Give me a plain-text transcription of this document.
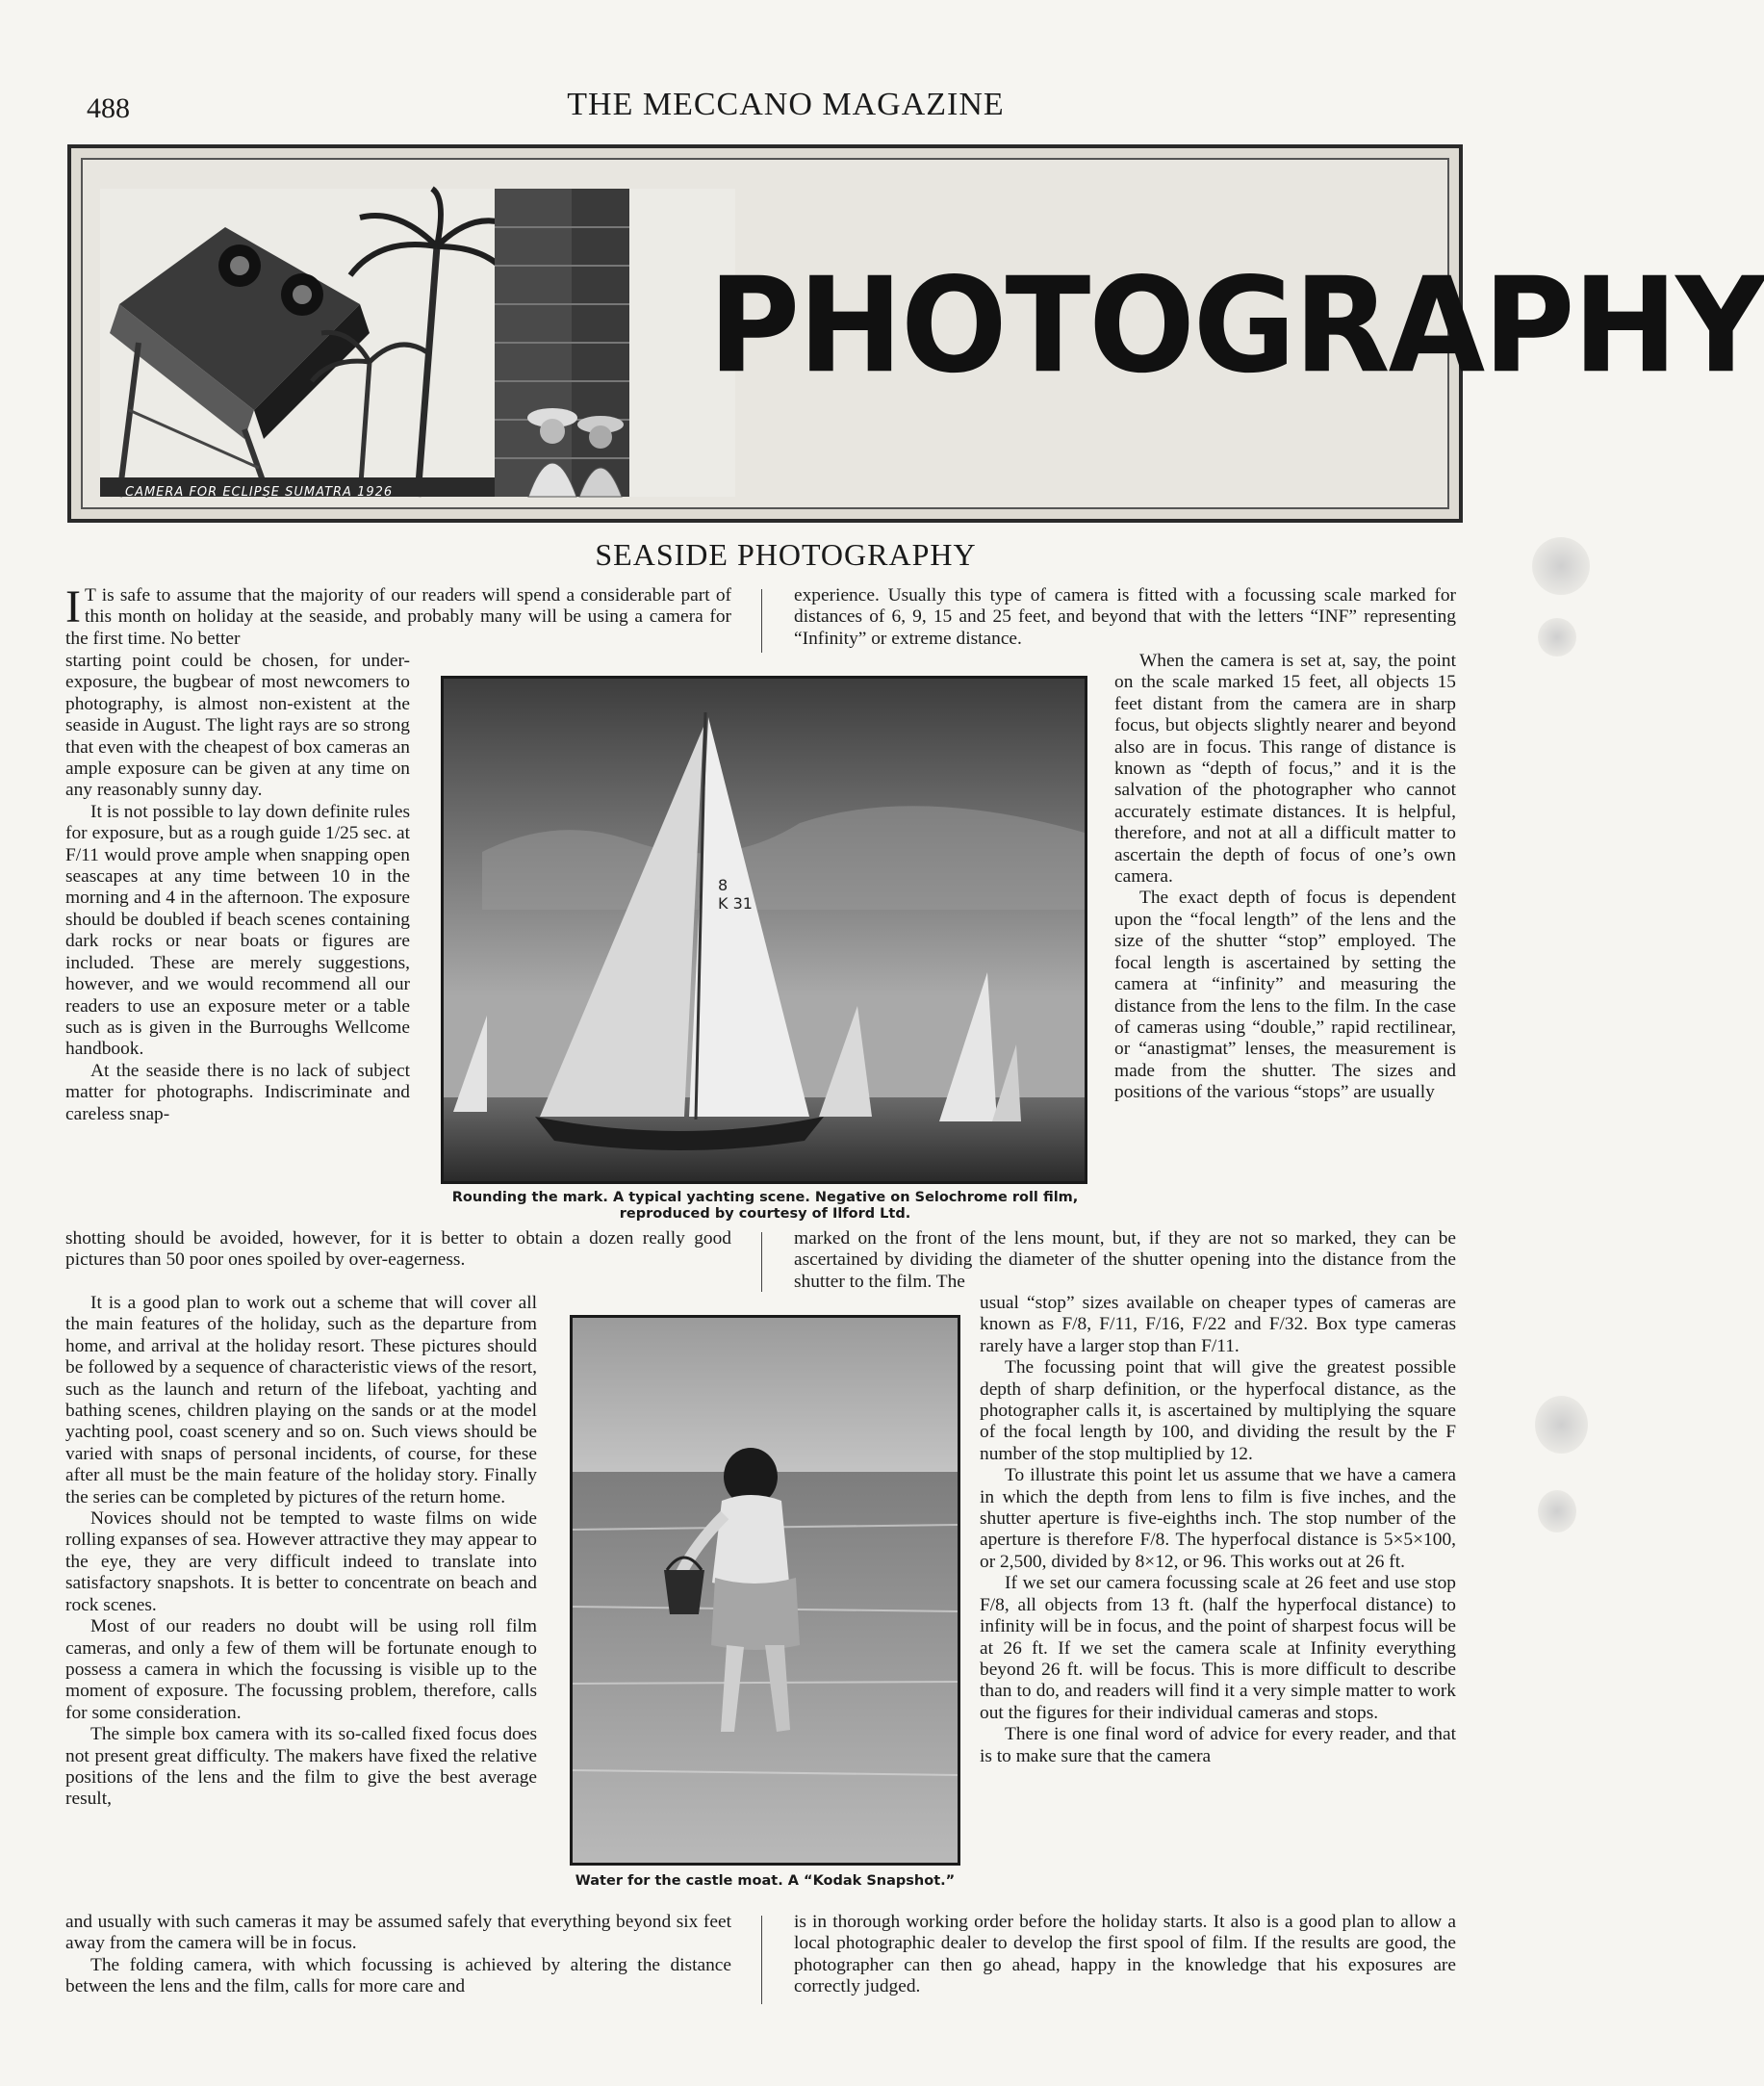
488	THE MECCANO MAGAZINE
CAMERA FOR ECLIPSE SUMATRA 1926
PHOTOGRAPHY
SEASIDE PHOTOGRAPHY

I T is safe to assume that the majority of our readers will spend a considerable part of this month on holiday at the seaside, and probably many will be using a camera for the first time. No better

starting point could be chosen, for under-exposure, the bugbear of most newcomers to photography, is almost non-existent at the seaside in August. The light rays are so strong that even with the cheapest of box cameras an ample exposure can be given at any time on any reasonably sunny day.

It is not possible to lay down definite rules for exposure, but as a rough guide 1/25 sec. at F/11 would prove ample when snapping open seascapes at any time between 10 in the morning and 4 in the afternoon. The exposure should be doubled if beach scenes containing dark rocks or near boats or figures are included. These are merely suggestions, however, and we would recommend all our readers to use an exposure meter or a table such as is given in the Burroughs Wellcome handbook.

At the seaside there is no lack of subject matter for photographs. Indiscriminate and careless snap-

shotting should be avoided, however, for it is better to obtain a dozen really good pictures than 50 poor ones spoiled by over-eagerness.

It is a good plan to work out a scheme that will cover all the main features of the holiday, such as the departure from home, and arrival at the holiday resort. These pictures should be followed by a sequence of characteristic views of the resort, such as the launch and return of the lifeboat, yachting and bathing scenes, children playing on the sands or at the model yachting pool, coast scenery and so on. Such views should be varied with snaps of personal incidents, of course, for these after all must be the main feature of the holiday story. Finally the series can be completed by pictures of the return home.

Novices should not be tempted to waste films on wide rolling expanses of sea. However attractive they may appear to the eye, they are very difficult indeed to translate into satisfactory snapshots. It is better to concentrate on beach and rock scenes.

Most of our readers no doubt will be using roll film cameras, and only a few of them will be fortunate enough to possess a camera in which the focussing is visible up to the moment of exposure. The focussing problem, therefore, calls for some consideration.

The simple box camera with its so-called fixed focus does not present great difficulty. The makers have fixed the relative positions of the lens and the film to give the best average result,

and usually with such cameras it may be assumed safely that everything beyond six feet away from the camera will be in focus.

The folding camera, with which focussing is achieved by altering the distance between the lens and the film, calls for more care and

experience. Usually this type of camera is fitted with a focussing scale marked for distances of 6, 9, 15 and 25 feet, and beyond that with the letters “INF” representing “Infinity” or extreme distance.

When the camera is set at, say, the point on the scale marked 15 feet, all objects 15 feet distant from the camera are in sharp focus, but objects slightly nearer and beyond also are in focus. This range of distance is known as “depth of focus,” and it is the salvation of the photographer who cannot accurately estimate distances. It is helpful, therefore, and not at all a difficult matter to ascertain the depth of focus of one’s own camera.

The exact depth of focus is dependent upon the “focal length” of the lens and the size of the shutter “stop” employed. The focal length is ascertained by setting the camera at “infinity” and measuring the distance from the lens to the film. In the case of cameras using “double,” rapid rectilinear, or “anastigmat” lenses, the measurement is made from the shutter. The sizes and positions of the various “stops” are usually

marked on the front of the lens mount, but, if they are not so marked, they can be ascertained by dividing the diameter of the shutter opening into the distance from the shutter to the film. The

usual “stop” sizes available on cheaper types of cameras are known as F/8, F/11, F/16, F/22 and F/32. Box type cameras rarely have a larger stop than F/11.

The focussing point that will give the greatest possible depth of sharp definition, or the hyperfocal distance, as the photographer calls it, is ascertained by multiplying the square of the focal length by 100, and dividing the result by the F number of the stop multiplied by 12.

To illustrate this point let us assume that we have a camera in which the depth from lens to film is five inches, and the shutter aperture is five-eighths inch. The stop number of the aperture is therefore F/8. The hyperfocal distance is 5×5×100, or 2,500, divided by 8×12, or 96. This works out at 26 ft.

If we set our camera focussing scale at 26 feet and use stop F/8, all objects from 13 ft. (half the hyperfocal distance) to infinity will be in focus, and the point of sharpest focus will be at 26 ft. If we set the camera scale at Infinity everything beyond 26 ft. will be focus. This is more difficult to describe than to do, and readers will find it a very simple matter to work out the figures for their individual cameras and stops.

There is one final word of advice for every reader, and that is to make sure that the camera

is in thorough working order before the holiday starts. It also is a good plan to allow a local photographic dealer to develop the first spool of film. If the results are good, the photographer can then go ahead, happy in the knowledge that his exposures are correctly judged.

8 K 31
Rounding the mark. A typical yachting scene. Negative on Selochrome roll film,
reproduced by courtesy of Ilford Ltd.
Water for the castle moat. A “Kodak Snapshot.”
